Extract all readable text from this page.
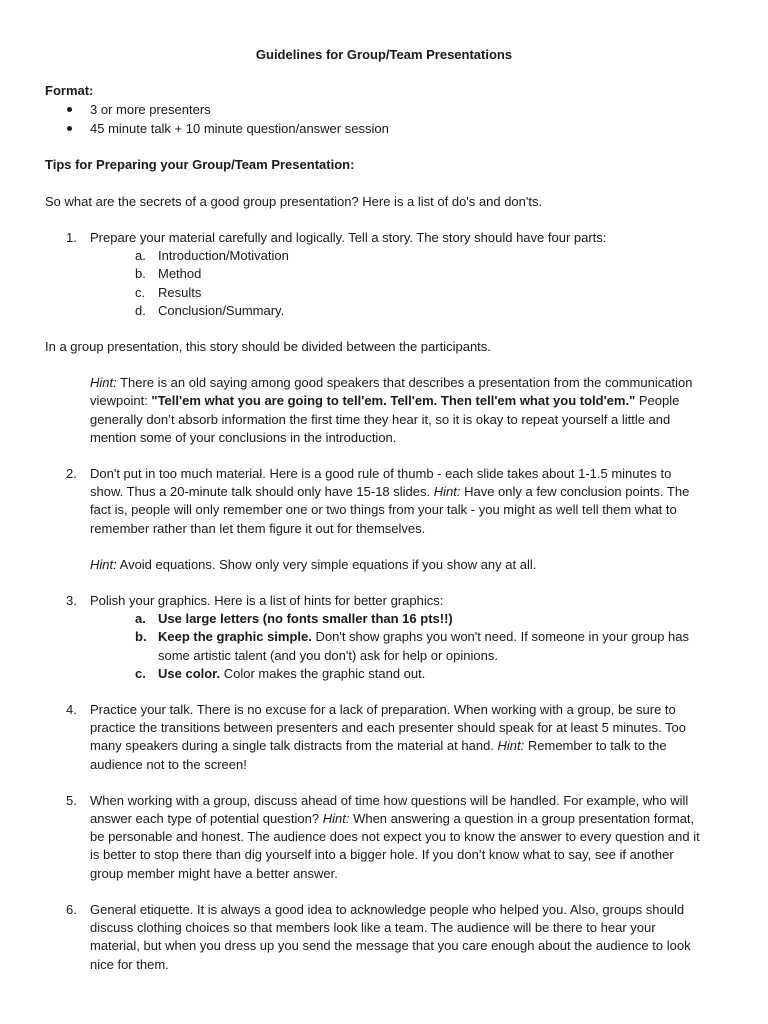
Guidelines for Group/Team Presentations
Format:
3 or more presenters
45 minute talk + 10 minute question/answer session
Tips for Preparing your Group/Team Presentation:
So what are the secrets of a good group presentation? Here is a list of do's and don'ts.
1. Prepare your material carefully and logically. Tell a story. The story should have four parts:
a. Introduction/Motivation
b. Method
c. Results
d. Conclusion/Summary.
In a group presentation, this story should be divided between the participants.
Hint: There is an old saying among good speakers that describes a presentation from the communication
viewpoint: "Tell'em what you are going to tell'em. Tell'em. Then tell'em what you told'em." People
generally don’t absorb information the first time they hear it, so it is okay to repeat yourself a little and
mention some of your conclusions in the introduction.
2. Don't put in too much material. Here is a good rule of thumb - each slide takes about 1-1.5 minutes to
show. Thus a 20-minute talk should only have 15-18 slides. Hint: Have only a few conclusion points. The
fact is, people will only remember one or two things from your talk - you might as well tell them what to
remember rather than let them figure it out for themselves.
Hint: Avoid equations. Show only very simple equations if you show any at all.
3. Polish your graphics. Here is a list of hints for better graphics:
a. Use large letters (no fonts smaller than 16 pts!!)
b. Keep the graphic simple. Don't show graphs you won't need. If someone in your group has
some artistic talent (and you don't) ask for help or opinions.
c. Use color. Color makes the graphic stand out.
4. Practice your talk. There is no excuse for a lack of preparation. When working with a group, be sure to
practice the transitions between presenters and each presenter should speak for at least 5 minutes. Too
many speakers during a single talk distracts from the material at hand. Hint: Remember to talk to the
audience not to the screen!
5. When working with a group, discuss ahead of time how questions will be handled. For example, who will
answer each type of potential question? Hint: When answering a question in a group presentation format,
be personable and honest. The audience does not expect you to know the answer to every question and it
is better to stop there than dig yourself into a bigger hole. If you don’t know what to say, see if another
group member might have a better answer.
6. General etiquette. It is always a good idea to acknowledge people who helped you. Also, groups should
discuss clothing choices so that members look like a team. The audience will be there to hear your
material, but when you dress up you send the message that you care enough about the audience to look
nice for them.
